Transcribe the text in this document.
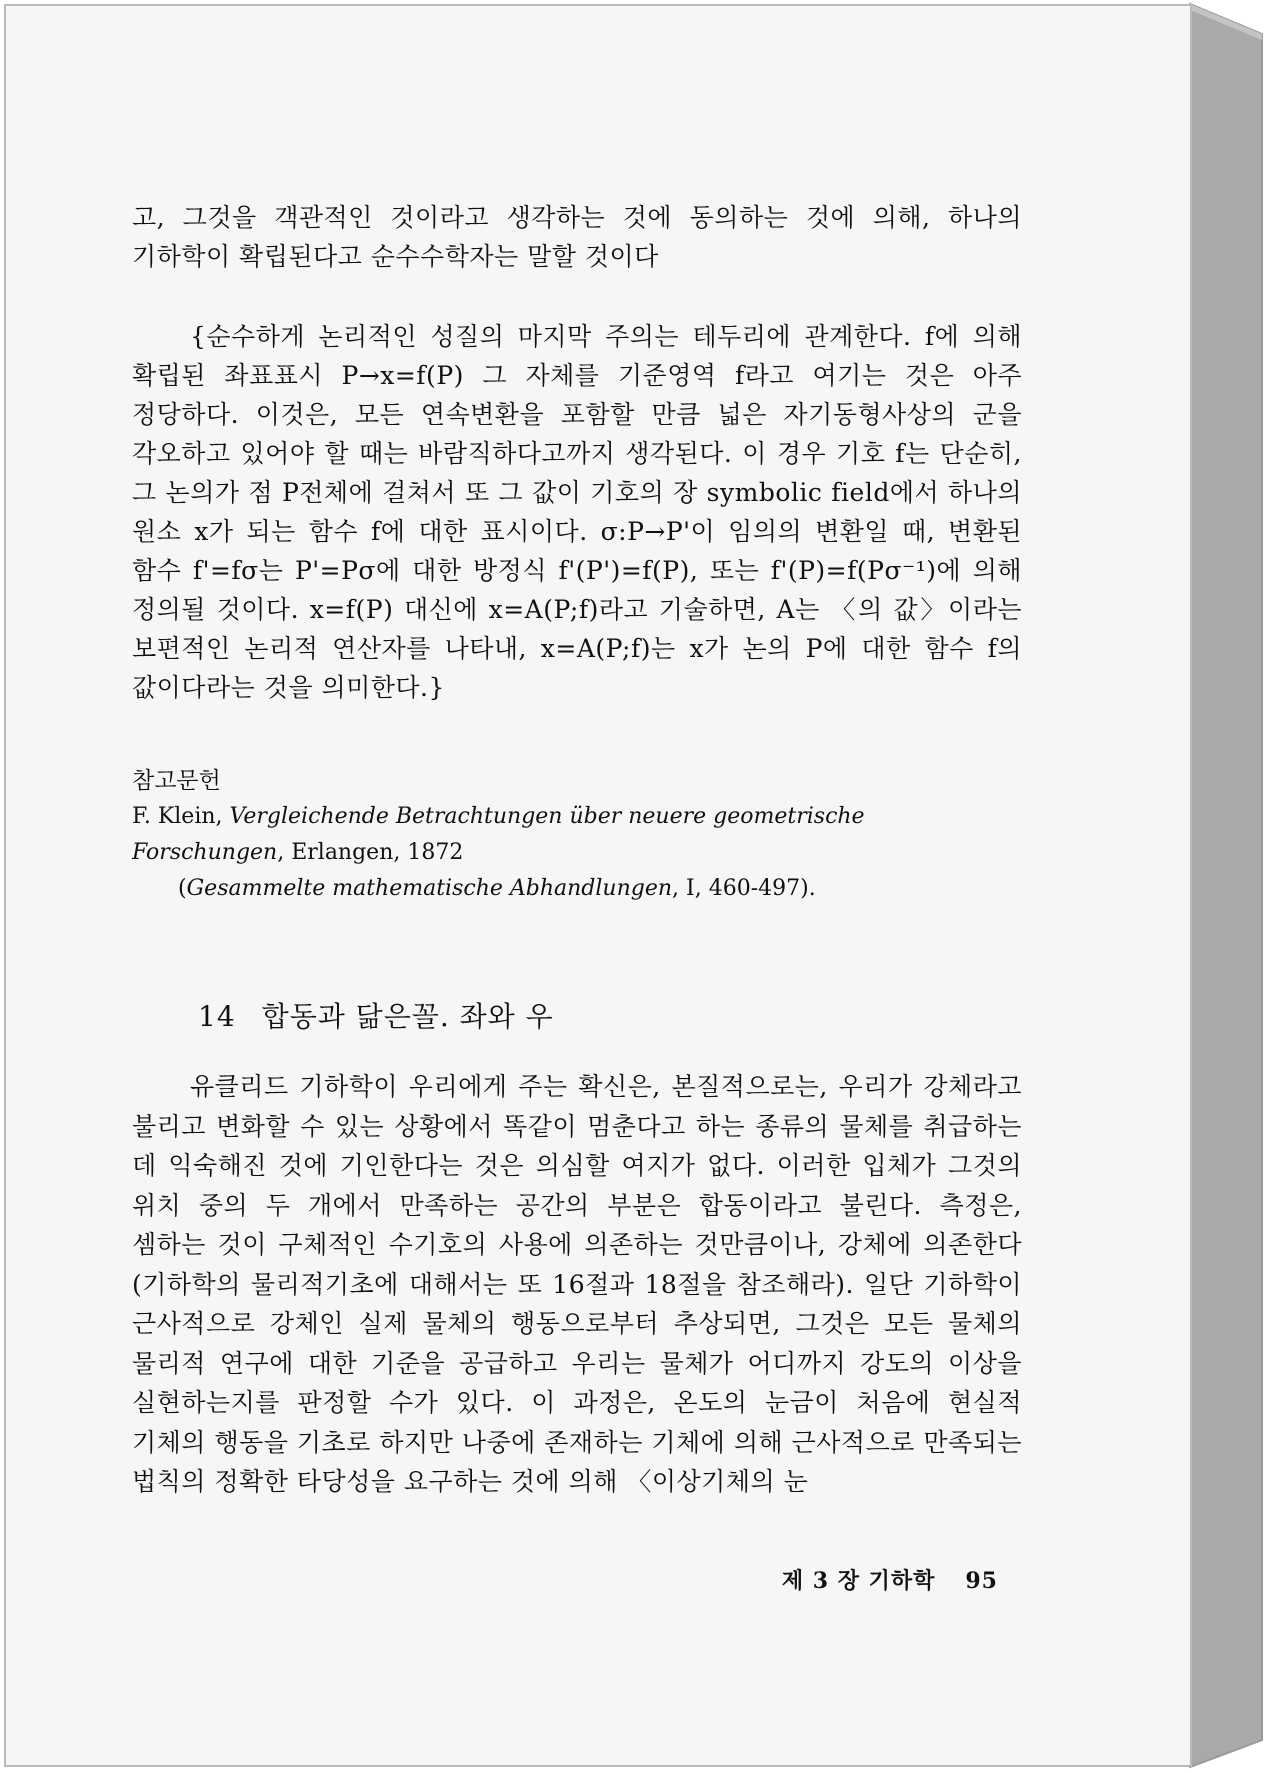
고, 그것을 객관적인 것이라고 생각하는 것에 동의하는 것에 의해, 하나의 기하학이 확립된다고 순수수학자는 말할 것이다

{순수하게 논리적인 성질의 마지막 주의는 테두리에 관계한다. f에 의해 확립된 좌표표시 P→x=f(P) 그 자체를 기준영역 f라고 여기는 것은 아주 정당하다. 이것은, 모든 연속변환을 포함할 만큼 넓은 자기동형사상의 군을 각오하고 있어야 할 때는 바람직하다고까지 생각된다. 이 경우 기호 f는 단순히, 그 논의가 점 P전체에 걸쳐서 또 그 값이 기호의 장 symbolic field에서 하나의 원소 x가 되는 함수 f에 대한 표시이다. σ:P→P'이 임의의 변환일 때, 변환된 함수 f'=fσ는 P'=Pσ에 대한 방정식 f'(P')=f(P), 또는 f'(P)=f(Pσ⁻¹)에 의해 정의될 것이다. x=f(P) 대신에 x=A(P;f)라고 기술하면, A는 〈의 값〉이라는 보편적인 논리적 연산자를 나타내, x=A(P;f)는 x가 논의 P에 대한 함수 f의 값이다라는 것을 의미한다.}

참고문헌

F. Klein, Vergleichende Betrachtungen über neuere geometrische Forschungen, Erlangen, 1872

(Gesammelte mathematische Abhandlungen, I, 460-497).

14 합동과 닮은꼴. 좌와 우

유클리드 기하학이 우리에게 주는 확신은, 본질적으로는, 우리가 강체라고 불리고 변화할 수 있는 상황에서 똑같이 멈춘다고 하는 종류의 물체를 취급하는 데 익숙해진 것에 기인한다는 것은 의심할 여지가 없다. 이러한 입체가 그것의 위치 중의 두 개에서 만족하는 공간의 부분은 합동이라고 불린다. 측정은, 셈하는 것이 구체적인 수기호의 사용에 의존하는 것만큼이나, 강체에 의존한다(기하학의 물리적기초에 대해서는 또 16절과 18절을 참조해라). 일단 기하학이 근사적으로 강체인 실제 물체의 행동으로부터 추상되면, 그것은 모든 물체의 물리적 연구에 대한 기준을 공급하고 우리는 물체가 어디까지 강도의 이상을 실현하는지를 판정할 수가 있다. 이 과정은, 온도의 눈금이 처음에 현실적 기체의 행동을 기초로 하지만 나중에 존재하는 기체에 의해 근사적으로 만족되는 법칙의 정확한 타당성을 요구하는 것에 의해 〈이상기체의 눈

제 3 장 기하학 95
